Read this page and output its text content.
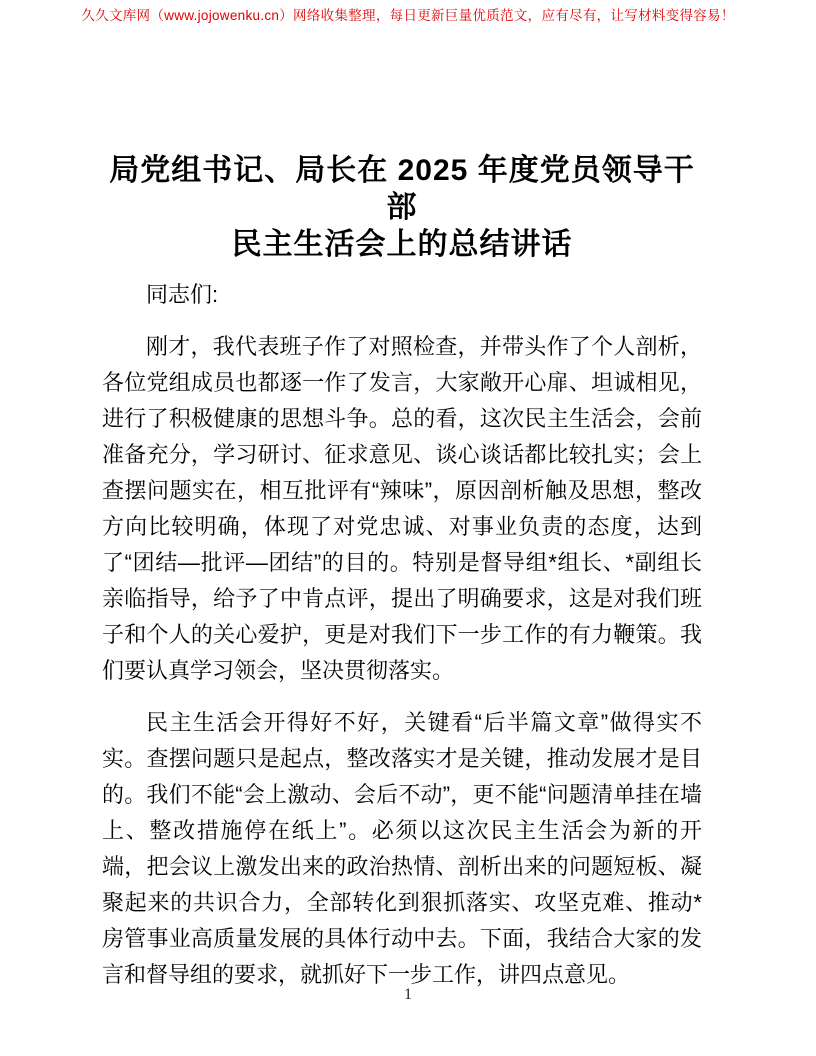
久久文库网（www.jojowenku.cn）网络收集整理，每日更新巨量优质范文，应有尽有，让写材料变得容易！
局党组书记、局长在 2025 年度党员领导干部
民主生活会上的总结讲话

同志们:

刚才，我代表班子作了对照检查，并带头作了个人剖析，各位党组成员也都逐一作了发言，大家敞开心扉、坦诚相见，进行了积极健康的思想斗争。总的看，这次民主生活会，会前准备充分，学习研讨、征求意见、谈心谈话都比较扎实；会上查摆问题实在，相互批评有“辣味”，原因剖析触及思想，整改方向比较明确，体现了对党忠诚、对事业负责的态度，达到了“团结—批评—团结”的目的。特别是督导组*组长、*副组长亲临指导，给予了中肯点评，提出了明确要求，这是对我们班子和个人的关心爱护，更是对我们下一步工作的有力鞭策。我们要认真学习领会，坚决贯彻落实。

民主生活会开得好不好，关键看“后半篇文章”做得实不实。查摆问题只是起点，整改落实才是关键，推动发展才是目的。我们不能“会上激动、会后不动”，更不能“问题清单挂在墙上、整改措施停在纸上”。必须以这次民主生活会为新的开端，把会议上激发出来的政治热情、剖析出来的问题短板、凝聚起来的共识合力，全部转化到狠抓落实、攻坚克难、推动*房管事业高质量发展的具体行动中去。下面，我结合大家的发言和督导组的要求，就抓好下一步工作，讲四点意见。

1
